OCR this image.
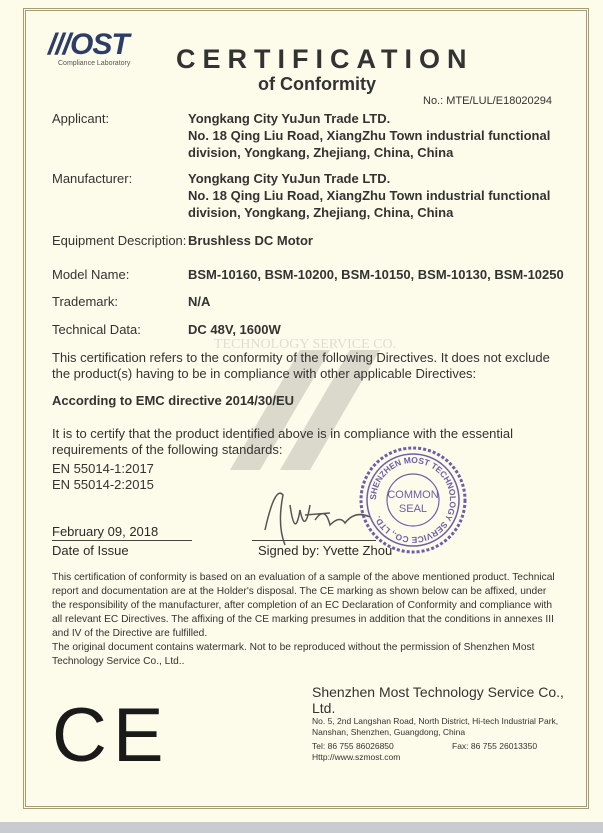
TECHNOLOGY SERVICE CO.
///OST
Compliance Laboratory	CERTIFICATION
of Conformity
No.: MTE/LUL/E18020294
Applicant:	Yongkang City YuJun Trade LTD.
No. 18 Qing Liu Road, XiangZhu Town industrial functional
division, Yongkang, Zhejiang, China, China
Manufacturer:	Yongkang City YuJun Trade LTD.
No. 18 Qing Liu Road, XiangZhu Town industrial functional
division, Yongkang, Zhejiang, China, China
Equipment Description: Brushless DC Motor
Model Name:	BSM-10160, BSM-10200, BSM-10150, BSM-10130, BSM-10250
Trademark:	N/A
Technical Data:	DC 48V, 1600W
This certification refers to the conformity of the following Directives. It does not exclude the product(s) having to be in compliance with other applicable Directives:
According to EMC directive 2014/30/EU
It is to certify that the product identified above is in compliance with the essential requirements of the following standards:
EN 55014-1:2017
EN 55014-2:2015
February 09, 2018
Date of Issue	Signed by: Yvette Zhou
SHENZHEN MOST TECHNOLOGY SERVICE CO., LTD.
COMMON
SEAL
This certification of conformity is based on an evaluation of a sample of the above mentioned product. Technical report and documentation are at the Holder's disposal. The CE marking as shown below can be affixed, under the responsibility of the manufacturer, after completion of an EC Declaration of Conformity and compliance with all relevant EC Directives. The affixing of the CE marking presumes in addition that the conditions in annexes III and IV of the Directive are fulfilled.
The original document contains watermark. Not to be reproduced without the permission of Shenzhen Most Technology Service Co., Ltd..
CE
Shenzhen Most Technology Service Co., Ltd.
No. 5, 2nd Langshan Road, North District, Hi-tech Industrial Park,
Nanshan, Shenzhen, Guangdong, China
Tel: 86 755 86026850	Fax: 86 755 26013350
Http://www.szmost.com
